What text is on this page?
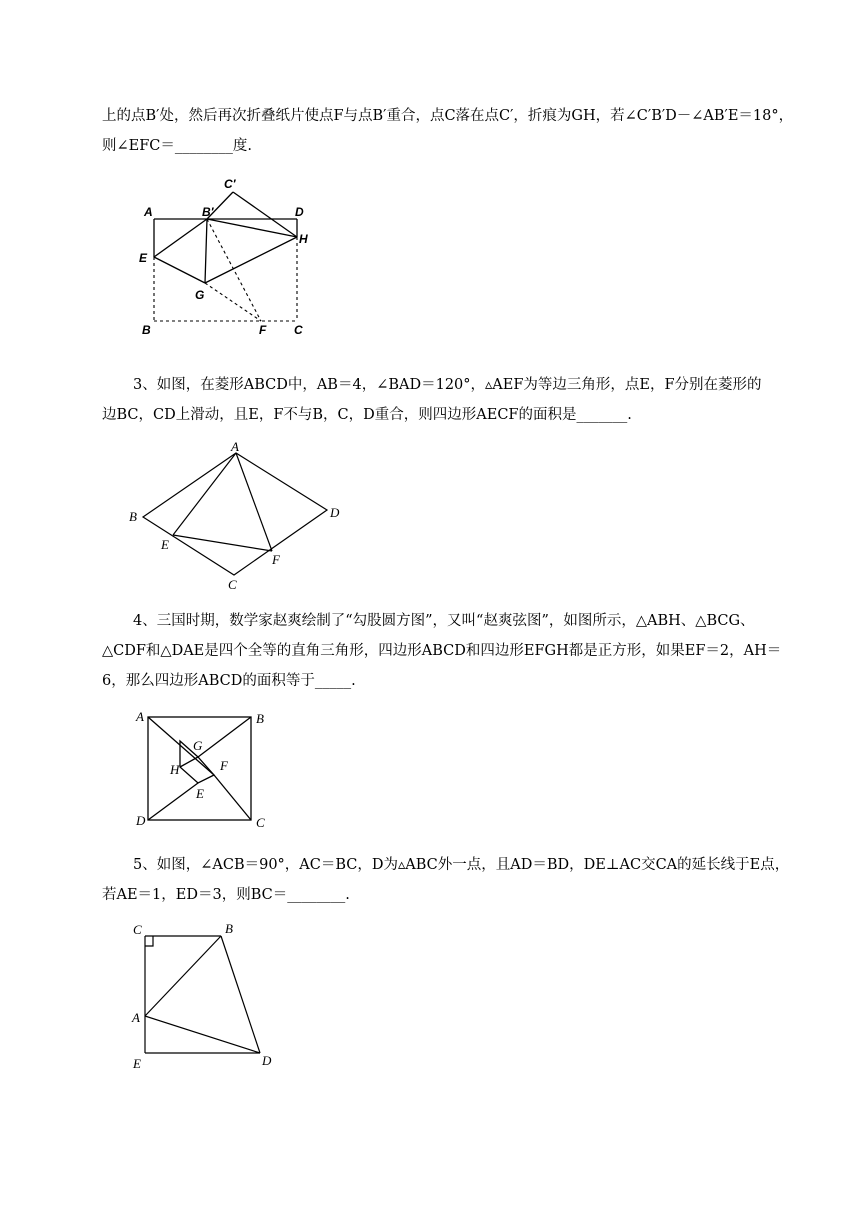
上的点B′处，然后再次折叠纸片使点F与点B′重合，点C落在点C′，折痕为GH，若∠C′B′D－∠AB′E＝18°，
则∠EFC＝________度.
A	B′
C′
D
H
E
G
B	F C
3、如图，在菱形ABCD中，AB＝4，∠BAD＝120°，▵AEF为等边三角形，点E，F分别在菱形的
边BC，CD上滑动，且E，F不与B，C，D重合，则四边形AECF的面积是_______.
A
B	D
E
F
C
4、三国时期，数学家赵爽绘制了“勾股圆方图”，又叫“赵爽弦图”，如图所示，△ABH、△BCG、
△CDF和△DAE是四个全等的直角三角形，四边形ABCD和四边形EFGH都是正方形，如果EF＝2，AH＝
6，那么四边形ABCD的面积等于_____.
A	B
D	C
G
H	F
E
5、如图，∠ACB＝90°，AC＝BC，D为▵ABC外一点，且AD＝BD，DE⊥AC交CA的延长线于E点，
若AE＝1，ED＝3，则BC＝________.
C	B
A
E	D
